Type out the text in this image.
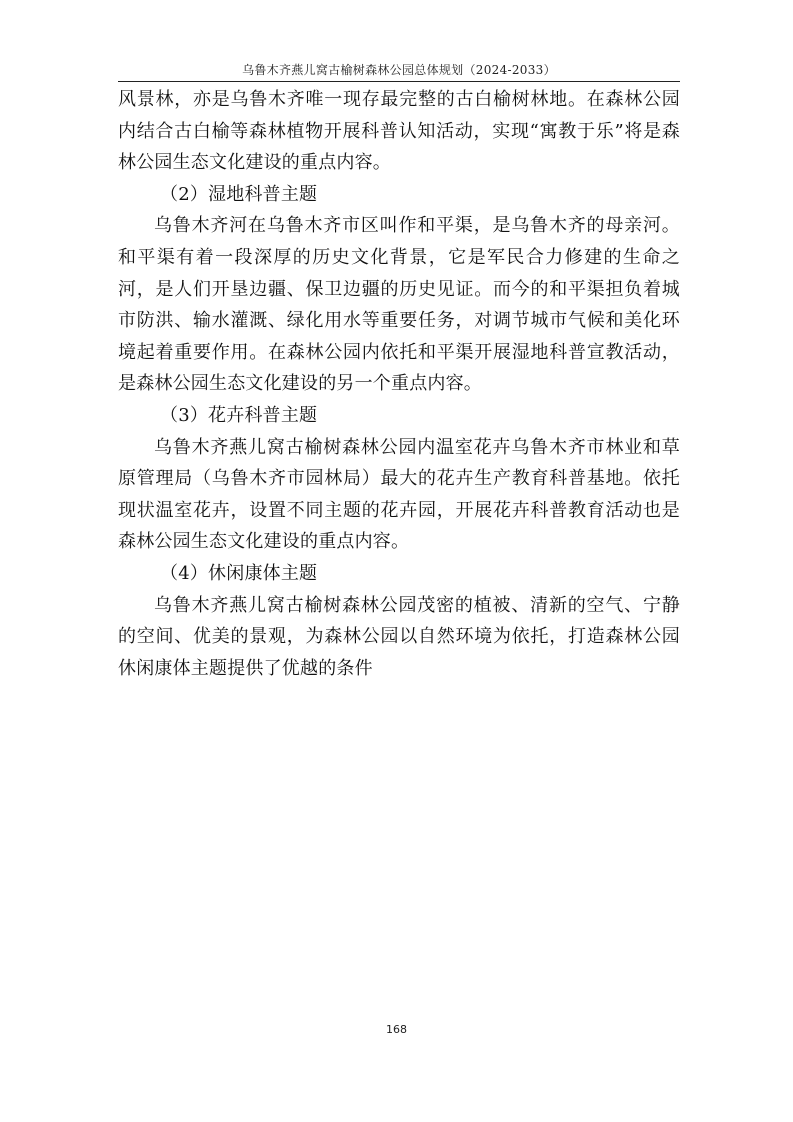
乌鲁木齐燕儿窝古榆树森林公园总体规划（2024-2033）

风景林，亦是乌鲁木齐唯一现存最完整的古白榆树林地。在森林公园内结合古白榆等森林植物开展科普认知活动，实现“寓教于乐”将是森林公园生态文化建设的重点内容。

（2）湿地科普主题

乌鲁木齐河在乌鲁木齐市区叫作和平渠，是乌鲁木齐的母亲河。和平渠有着一段深厚的历史文化背景，它是军民合力修建的生命之河，是人们开垦边疆、保卫边疆的历史见证。而今的和平渠担负着城市防洪、输水灌溉、绿化用水等重要任务，对调节城市气候和美化环境起着重要作用。在森林公园内依托和平渠开展湿地科普宣教活动，是森林公园生态文化建设的另一个重点内容。

（3）花卉科普主题

乌鲁木齐燕儿窝古榆树森林公园内温室花卉乌鲁木齐市林业和草原管理局（乌鲁木齐市园林局）最大的花卉生产教育科普基地。依托现状温室花卉，设置不同主题的花卉园，开展花卉科普教育活动也是森林公园生态文化建设的重点内容。

（4）休闲康体主题

乌鲁木齐燕儿窝古榆树森林公园茂密的植被、清新的空气、宁静的空间、优美的景观，为森林公园以自然环境为依托，打造森林公园休闲康体主题提供了优越的条件

168
